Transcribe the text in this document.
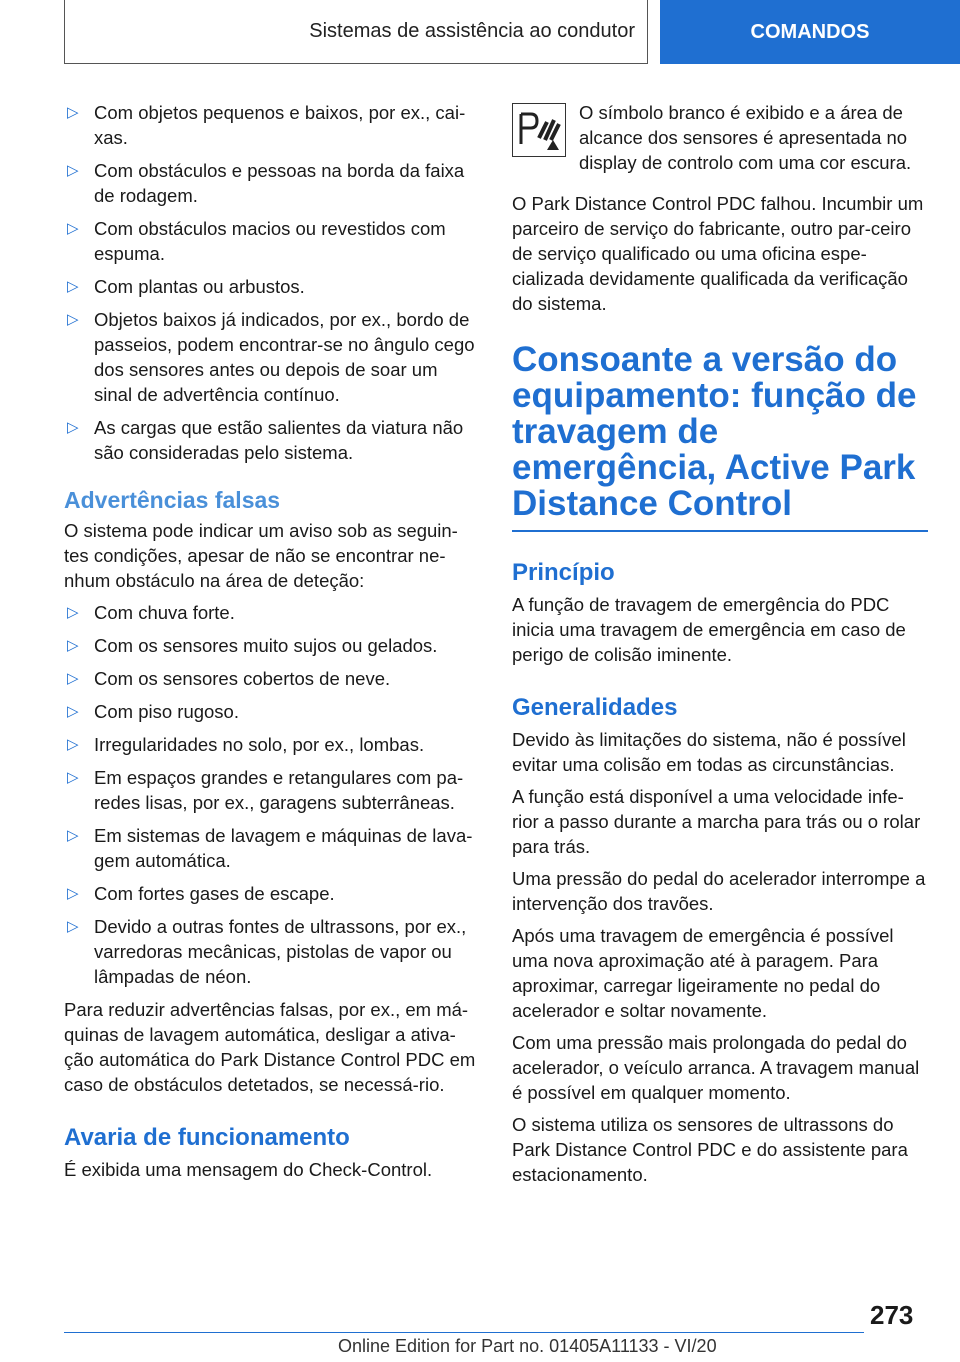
Sistemas de assistência ao condutor	COMANDOS
▷ Com objetos pequenos e baixos, por ex., cai-xas.
▷ Com obstáculos e pessoas na borda da faixa de rodagem.
▷ Com obstáculos macios ou revestidos com espuma.
▷ Com plantas ou arbustos.
▷ Objetos baixos já indicados, por ex., bordo de passeios, podem encontrar-se no ângulo cego dos sensores antes ou depois de soar um sinal de advertência contínuo.
▷ As cargas que estão salientes da viatura não são consideradas pelo sistema.
Advertências falsas

O sistema pode indicar um aviso sob as seguin-tes condições, apesar de não se encontrar ne-nhum obstáculo na área de deteção:

▷ Com chuva forte.
▷ Com os sensores muito sujos ou gelados.
▷ Com os sensores cobertos de neve.
▷ Com piso rugoso.
▷ Irregularidades no solo, por ex., lombas.
▷ Em espaços grandes e retangulares com pa-redes lisas, por ex., garagens subterrâneas.
▷ Em sistemas de lavagem e máquinas de lava-gem automática.
▷ Com fortes gases de escape.
▷ Devido a outras fontes de ultrassons, por ex., varredoras mecânicas, pistolas de vapor ou lâmpadas de néon.

Para reduzir advertências falsas, por ex., em má-quinas de lavagem automática, desligar a ativa-ção automática do Park Distance Control PDC em caso de obstáculos detetados, se necessá-rio.

Avaria de funcionamento

É exibida uma mensagem do Check-Control.

O símbolo branco é exibido e a área de alcance dos sensores é apresentada no display de controlo com uma cor escura.

O Park Distance Control PDC falhou. Incumbir um parceiro de serviço do fabricante, outro par-ceiro de serviço qualificado ou uma oficina espe-cializada devidamente qualificada da verificação do sistema.

Consoante a versão do equipamento: função de travagem de emergência, Active Park Distance Control
Princípio

A função de travagem de emergência do PDC inicia uma travagem de emergência em caso de perigo de colisão iminente.

Generalidades

Devido às limitações do sistema, não é possível evitar uma colisão em todas as circunstâncias.

A função está disponível a uma velocidade infe-rior a passo durante a marcha para trás ou o rolar para trás.

Uma pressão do pedal do acelerador interrompe a intervenção dos travões.

Após uma travagem de emergência é possível uma nova aproximação até à paragem. Para aproximar, carregar ligeiramente no pedal do acelerador e soltar novamente.

Com uma pressão mais prolongada do pedal do acelerador, o veículo arranca. A travagem manual é possível em qualquer momento.

O sistema utiliza os sensores de ultrassons do Park Distance Control PDC e do assistente para estacionamento.

273
Online Edition for Part no. 01405A11133 - VI/20
